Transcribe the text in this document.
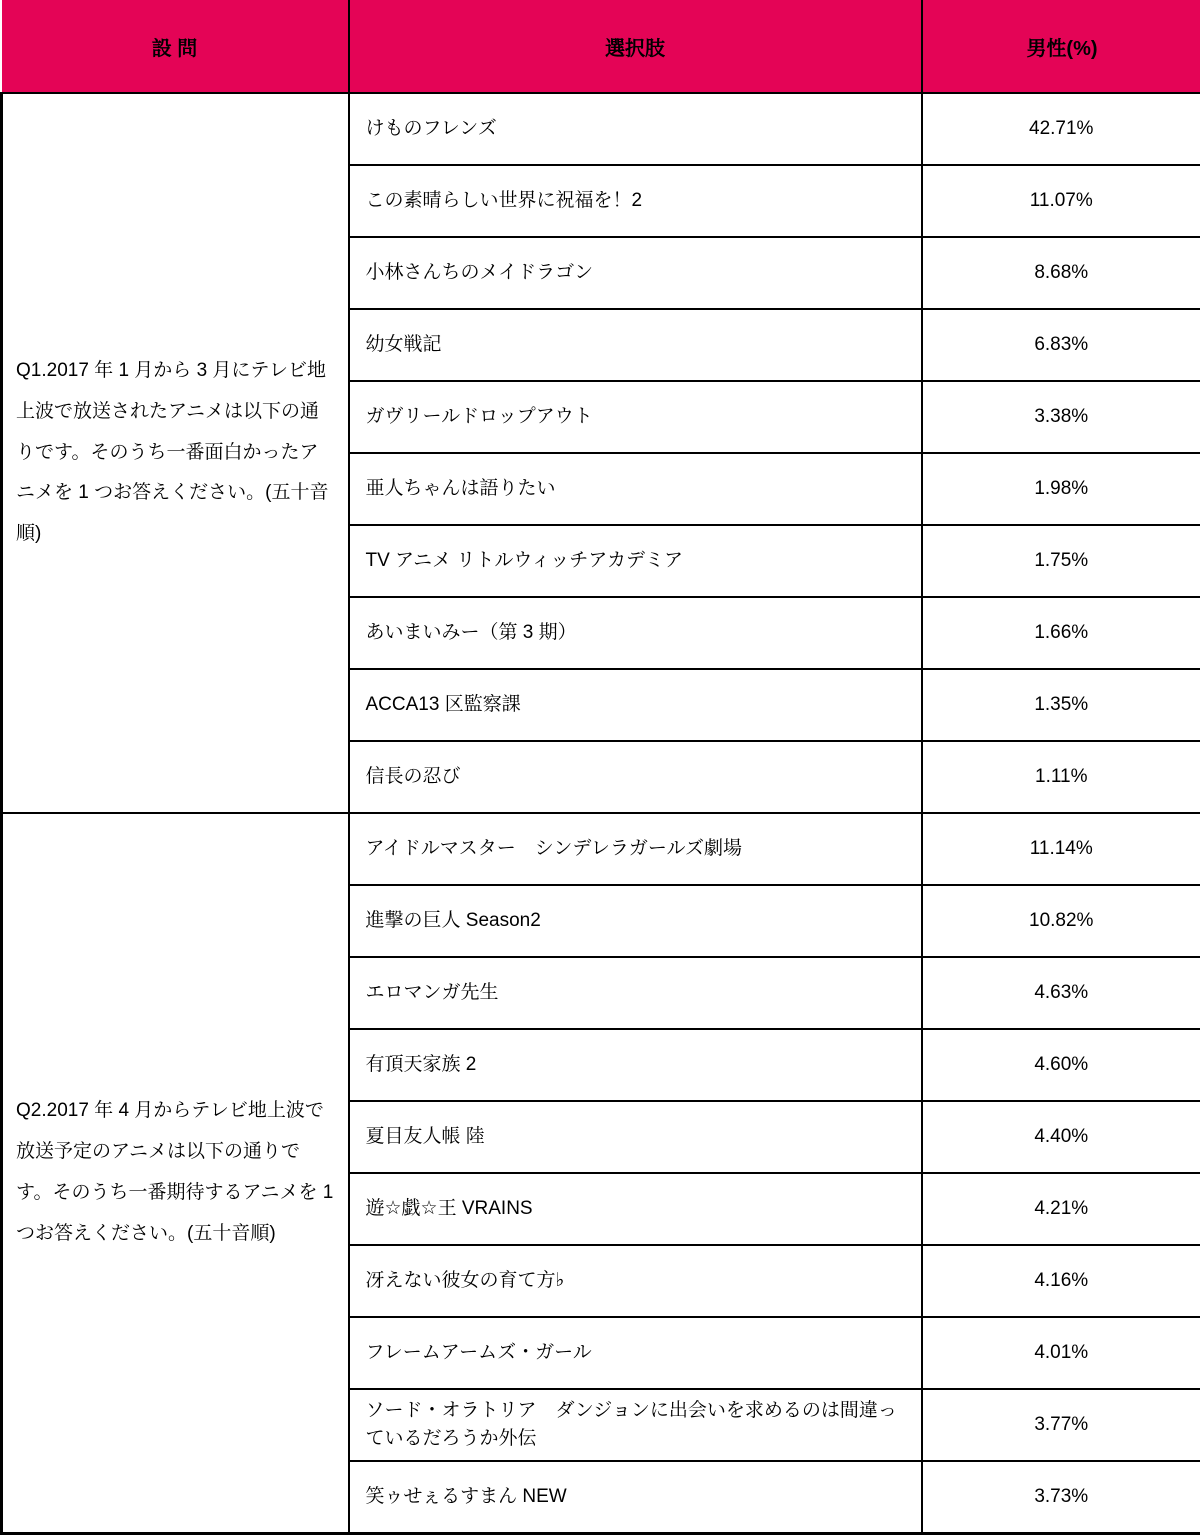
設 問	選択肢	男性(%)
Q1.2017 年 1 月から 3 月にテレビ地上波で放送されたアニメは以下の通りです。そのうち一番面白かったアニメを 1 つお答えください。(五十音順)	けものフレンズ	42.71%
	この素晴らしい世界に祝福を！2	11.07%
	小林さんちのメイドラゴン	8.68%
	幼女戦記	6.83%
	ガヴリールドロップアウト	3.38%
	亜人ちゃんは語りたい	1.98%
	TV アニメ リトルウィッチアカデミア	1.75%
	あいまいみー（第 3 期）	1.66%
	ACCA13 区監察課	1.35%
	信長の忍び	1.11%
Q2.2017 年 4 月からテレビ地上波で放送予定のアニメは以下の通りです。そのうち一番期待するアニメを 1 つお答えください。(五十音順)	アイドルマスター　シンデレラガールズ劇場	11.14%
	進撃の巨人 Season2	10.82%
	エロマンガ先生	4.63%
	有頂天家族 2	4.60%
	夏目友人帳 陸	4.40%
	遊☆戯☆王 VRAINS	4.21%
	冴えない彼女の育て方♭	4.16%
	フレームアームズ・ガール	4.01%
	ソード・オラトリア　ダンジョンに出会いを求めるのは間違っているだろうか外伝	3.77%
	笑ゥせぇるすまん NEW	3.73%
